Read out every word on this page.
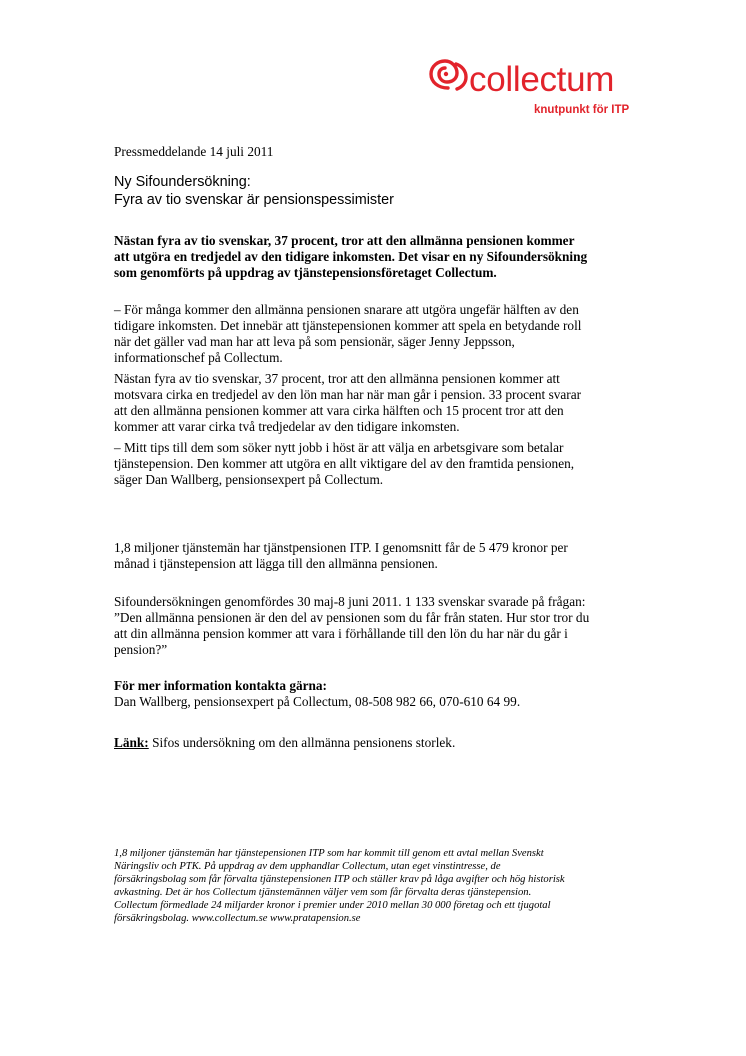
collectum
knutpunkt för ITP

Pressmeddelande 14 juli 2011

Ny Sifoundersökning:
Fyra av tio svenskar är pensionspessimister

Nästan fyra av tio svenskar, 37 procent, tror att den allmänna pensionen kommer
att utgöra en tredjedel av den tidigare inkomsten. Det visar en ny Sifoundersökning
som genomförts på uppdrag av tjänstepensionsföretaget Collectum.

– För många kommer den allmänna pensionen snarare att utgöra ungefär hälften av den
tidigare inkomsten. Det innebär att tjänstepensionen kommer att spela en betydande roll
när det gäller vad man har att leva på som pensionär, säger Jenny Jeppsson,
informationschef på Collectum.

Nästan fyra av tio svenskar, 37 procent, tror att den allmänna pensionen kommer att
motsvara cirka en tredjedel av den lön man har när man går i pension. 33 procent svarar
att den allmänna pensionen kommer att vara cirka hälften och 15 procent tror att den
kommer att varar cirka två tredjedelar av den tidigare inkomsten.

– Mitt tips till dem som söker nytt jobb i höst är att välja en arbetsgivare som betalar
tjänstepension. Den kommer att utgöra en allt viktigare del av den framtida pensionen,
säger Dan Wallberg, pensionsexpert på Collectum.

1,8 miljoner tjänstemän har tjänstpensionen ITP. I genomsnitt får de 5 479 kronor per
månad i tjänstepension att lägga till den allmänna pensionen.

Sifoundersökningen genomfördes 30 maj-8 juni 2011. 1 133 svenskar svarade på frågan:
”Den allmänna pensionen är den del av pensionen som du får från staten. Hur stor tror du
att din allmänna pension kommer att vara i förhållande till den lön du har när du går i
pension?”

För mer information kontakta gärna:
Dan Wallberg, pensionsexpert på Collectum, 08-508 982 66, 070-610 64 99.

Länk: Sifos undersökning om den allmänna pensionens storlek.

1,8 miljoner tjänstemän har tjänstepensionen ITP som har kommit till genom ett avtal mellan Svenskt
Näringsliv och PTK. På uppdrag av dem upphandlar Collectum, utan eget vinstintresse, de
försäkringsbolag som får förvalta tjänstepensionen ITP och ställer krav på låga avgifter och hög historisk
avkastning. Det är hos Collectum tjänstemännen väljer vem som får förvalta deras tjänstepension.
Collectum förmedlade 24 miljarder kronor i premier under 2010 mellan 30 000 företag och ett tjugotal
försäkringsbolag. www.collectum.se www.pratapension.se
